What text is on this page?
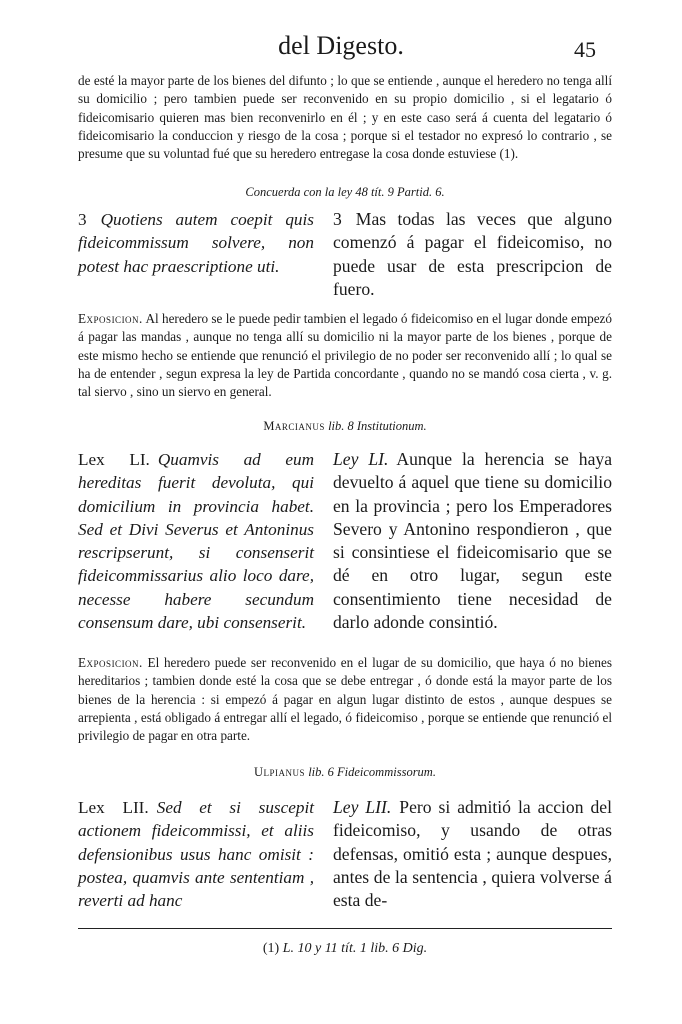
del Digesto.	45

de esté la mayor parte de los bienes del difunto ; lo que se entiende , aunque el heredero no tenga allí su domicilio ; pero tambien puede ser reconvenido en su propio domicilio , si el legatario ó fideicomisario quieren mas bien reconvenirlo en él ; y en este caso será á cuenta del legatario ó fideicomisario la conduccion y riesgo de la cosa ; porque si el testador no expresó lo contrario , se presume que su voluntad fué que su heredero entregase la cosa donde estuviese (1).

Concuerda con la ley 48 tít. 9 Partid. 6.
3 Quotiens autem coepit quis fideicommissum solvere, non potest hac praescriptione uti.
3 Mas todas las veces que alguno comenzó á pagar el fideicomiso, no puede usar de esta prescripcion de fuero.

Exposicion. Al heredero se le puede pedir tambien el legado ó fideicomiso en el lugar donde empezó á pagar las mandas , aunque no tenga allí su domicilio ni la mayor parte de los bienes , porque de este mismo hecho se entiende que renunció el privilegio de no poder ser reconvenido allí ; lo qual se ha de entender , segun expresa la ley de Partida concordante , quando no se mandó cosa cierta , v. g. tal siervo , sino un siervo en general.

Marcianus lib. 8 Institutionum.
Lex LI. Quamvis ad eum hereditas fuerit devoluta, qui domicilium in provincia habet. Sed et Divi Severus et Antoninus rescripserunt, si consenserit fideicommissarius alio loco dare, necesse habere secundum consensum dare, ubi consenserit.
Ley LI. Aunque la herencia se haya devuelto á aquel que tiene su domicilio en la provincia ; pero los Emperadores Severo y Antonino respondieron , que si consintiese el fideicomisario que se dé en otro lugar, segun este consentimiento tiene necesidad de darlo adonde consintió.

Exposicion. El heredero puede ser reconvenido en el lugar de su domicilio, que haya ó no bienes hereditarios ; tambien donde esté la cosa que se debe entregar , ó donde está la mayor parte de los bienes de la herencia : si empezó á pagar en algun lugar distinto de estos , aunque despues se arrepienta , está obligado á entregar allí el legado, ó fideicomiso , porque se entiende que renunció el privilegio de pagar en otra parte.

Ulpianus lib. 6 Fideicommissorum.
Lex LII. Sed et si suscepit actionem fideicommissi, et aliis defensionibus usus hanc omisit : postea, quamvis ante sententiam , reverti ad hanc
Ley LII. Pero si admitió la accion del fideicomiso, y usando de otras defensas, omitió esta ; aunque despues, antes de la sentencia , quiera volverse á esta de-
(1) L. 10 y 11 tít. 1 lib. 6 Dig.
